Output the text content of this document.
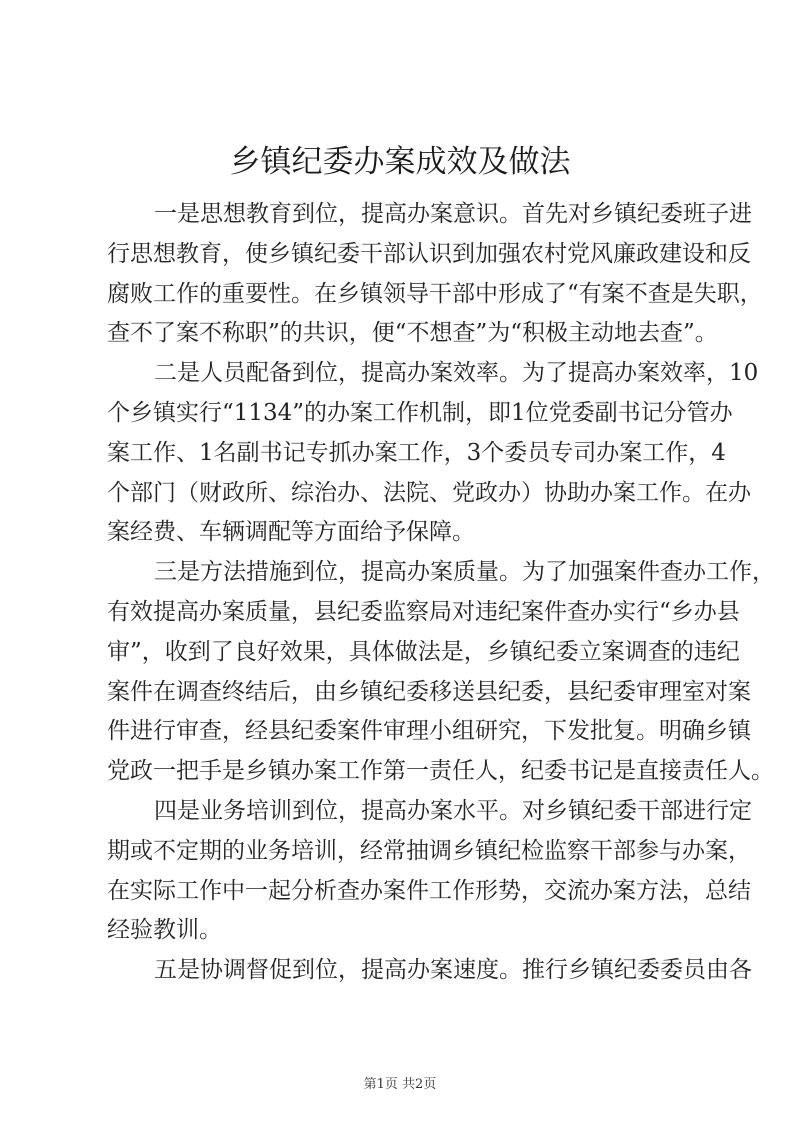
乡镇纪委办案成效及做法
一是思想教育到位，提高办案意识。首先对乡镇纪委班子进
行思想教育，使乡镇纪委干部认识到加强农村党风廉政建设和反
腐败工作的重要性。在乡镇领导干部中形成了“有案不查是失职，
查不了案不称职”的共识，便“不想查”为“积极主动地去查”。
二是人员配备到位，提高办案效率。为了提高办案效率，10
个乡镇实行“1134”的办案工作机制，即1位党委副书记分管办
案工作、1名副书记专抓办案工作，3个委员专司办案工作，4
个部门（财政所、综治办、法院、党政办）协助办案工作。在办
案经费、车辆调配等方面给予保障。
三是方法措施到位，提高办案质量。为了加强案件查办工作，
有效提高办案质量，县纪委监察局对违纪案件查办实行“乡办县
审”，收到了良好效果，具体做法是，乡镇纪委立案调查的违纪
案件在调查终结后，由乡镇纪委移送县纪委，县纪委审理室对案
件进行审查，经县纪委案件审理小组研究，下发批复。明确乡镇
党政一把手是乡镇办案工作第一责任人，纪委书记是直接责任人。
四是业务培训到位，提高办案水平。对乡镇纪委干部进行定
期或不定期的业务培训，经常抽调乡镇纪检监察干部参与办案，
在实际工作中一起分析查办案件工作形势，交流办案方法，总结
经验教训。
五是协调督促到位，提高办案速度。推行乡镇纪委委员由各
第1页 共2页
